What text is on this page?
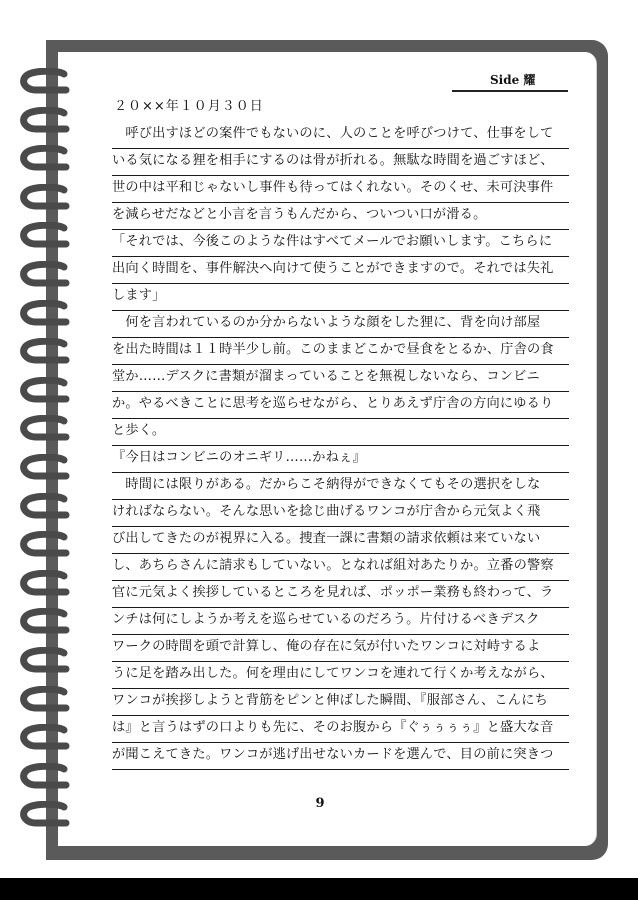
Side 耀
２０××年１０月３０日
　呼び出すほどの案件でもないのに、人のことを呼びつけて、仕事をして
いる気になる狸を相手にするのは骨が折れる。無駄な時間を過ごすほど、
世の中は平和じゃないし事件も待ってはくれない。そのくせ、未可決事件
を減らせだなどと小言を言うもんだから、ついつい口が滑る。
「それでは、今後このような件はすべてメールでお願いします。こちらに
出向く時間を、事件解決へ向けて使うことができますので。それでは失礼
します」
　何を言われているのか分からないような顔をした狸に、背を向け部屋
を出た時間は１１時半少し前。このままどこかで昼食をとるか、庁舎の食
堂か……デスクに書類が溜まっていることを無視しないなら、コンビニ
か。やるべきことに思考を巡らせながら、とりあえず庁舎の方向にゆるり
と歩く。
『今日はコンビニのオニギリ……かねぇ』
　時間には限りがある。だからこそ納得ができなくてもその選択をしな
ければならない。そんな思いを捻じ曲げるワンコが庁舎から元気よく飛
び出してきたのが視界に入る。捜査一課に書類の請求依頼は来ていない
し、あちらさんに請求もしていない。となれば組対あたりか。立番の警察
官に元気よく挨拶しているところを見れば、ポッポー業務も終わって、ラ
ンチは何にしようか考えを巡らせているのだろう。片付けるべきデスク
ワークの時間を頭で計算し、俺の存在に気が付いたワンコに対峙するよ
うに足を踏み出した。何を理由にしてワンコを連れて行くか考えながら、
ワンコが挨拶しようと背筋をピンと伸ばした瞬間、『服部さん、こんにち
は』と言うはずの口よりも先に、そのお腹から『ぐぅぅぅぅ』と盛大な音
が聞こえてきた。ワンコが逃げ出せないカードを選んで、目の前に突きつ
9
